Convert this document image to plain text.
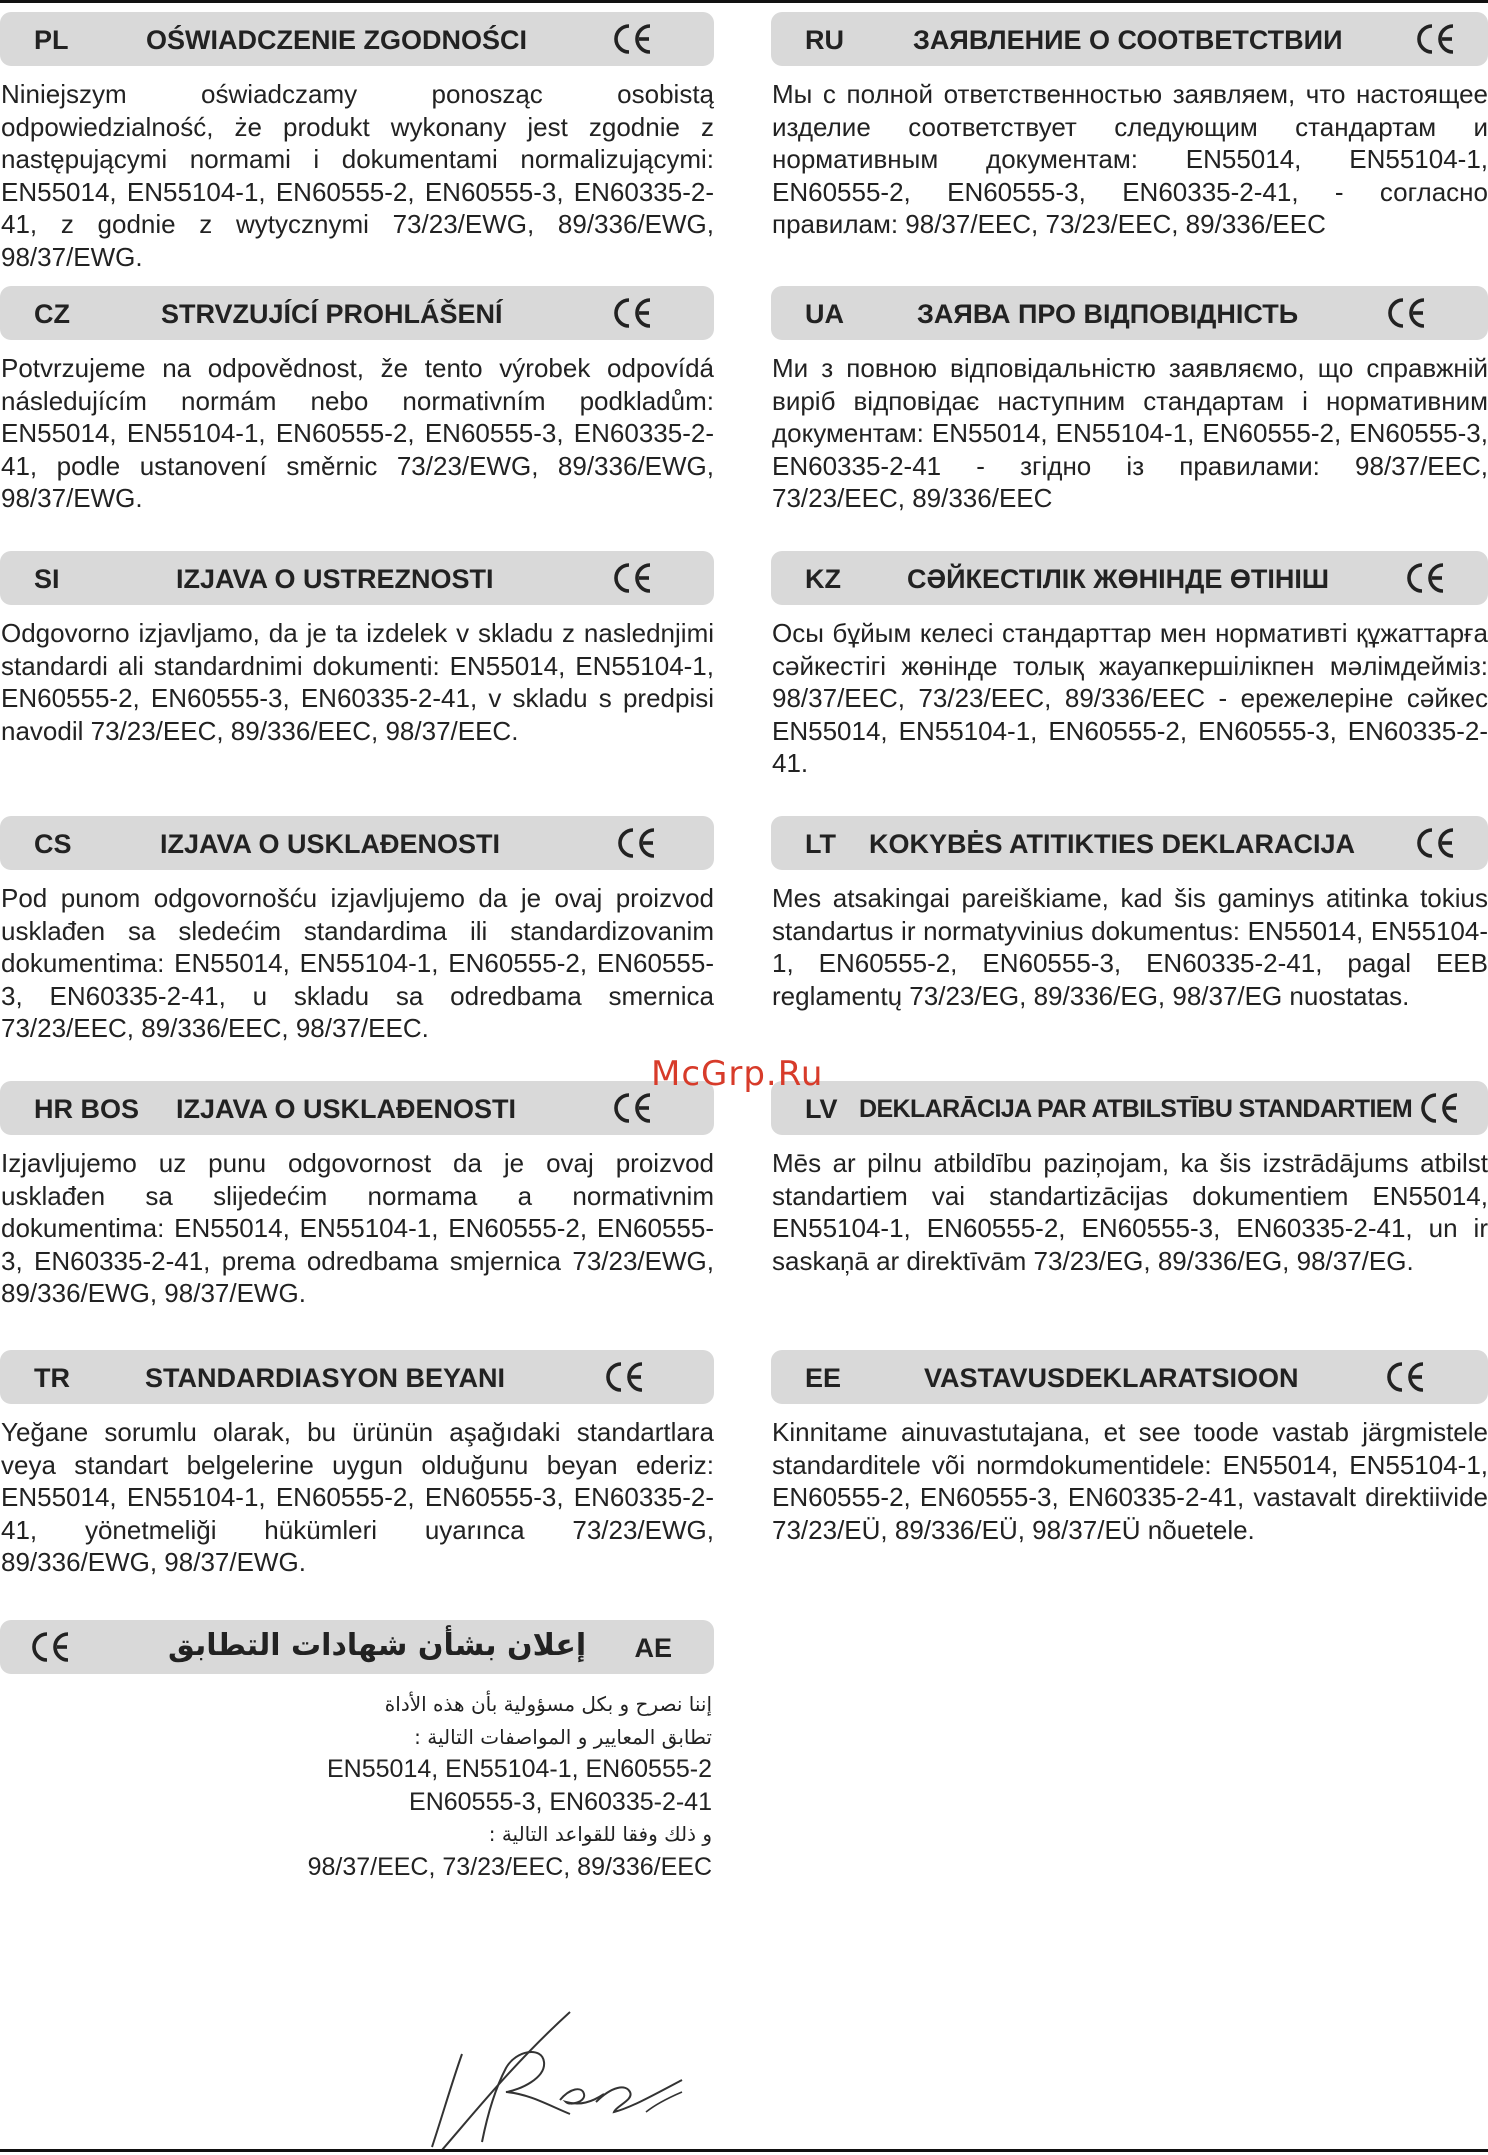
PL	OŚWIADCZENIE ZGODNOŚCI
Niniejszym oświadczamy ponosząc osobistą odpowiedzialność, że produkt wykonany jest zgodnie z następującymi normami i dokumentami normalizującymi: EN55014, EN55104-1, EN60555-2, EN60555-3, EN60335-2-41, z godnie z wytycznymi 73/23/EWG, 89/336/EWG, 98/37/EWG.
RU	ЗАЯВЛЕНИЕ О СООТВЕТСТВИИ
Мы с полной ответственностью заявляем, что настоящее изделие соответствует следующим стандартам и нормативным документам: EN55014, EN55104-1, EN60555-2, EN60555-3, EN60335-2-41, - согласно правилам: 98/37/EEC, 73/23/EEC, 89/336/EEC
CZ	STRVZUJÍCÍ PROHLÁŠENÍ
Potvrzujeme na odpovědnost, že tento výrobek odpovídá následujícím normám nebo normativním podkladům: EN55014, EN55104-1, EN60555-2, EN60555-3, EN60335-2-41, podle ustanovení směrnic 73/23/EWG, 89/336/EWG, 98/37/EWG.
UA	ЗАЯВА ПРО ВІДПОВІДНІСТЬ
Ми з повною відповідальністю заявляємо, що справжній виріб відповідає наступним стандартам і нормативним документам: EN55014, EN55104-1, EN60555-2, EN60555-3, EN60335-2-41 - згідно із правилами: 98/37/EEC, 73/23/EEC, 89/336/EEC
SI	IZJAVA O USTREZNOSTI
Odgovorno izjavljamo, da je ta izdelek v skladu z naslednjimi standardi ali standardnimi dokumenti: EN55014, EN55104-1, EN60555-2, EN60555-3, EN60335-2-41, v skladu s predpisi navodil 73/23/EEC, 89/336/EEC, 98/37/EEC.
KZ СӘЙКЕСТІЛІК ЖӨНІНДЕ ӨТІНІШ
Осы бұйым келесі стандарттар мен нормативті құжаттарға сәйкестігі жөнінде толық жауапкершілікпен мәлімдейміз: 98/37/EEC, 73/23/EEC, 89/336/EEC - ережелеріне сәйкес EN55014, EN55104-1, EN60555-2, EN60555-3, EN60335-2-41.
CS	IZJAVA O USKLAĐENOSTI
Pod punom odgovornošću izjavljujemo da je ovaj proizvod usklađen sa sledećim standardima ili standardizovanim dokumentima: EN55014, EN55104-1, EN60555-2, EN60555-3, EN60335-2-41, u skladu sa odredbama smernica 73/23/EEC, 89/336/EEC, 98/37/EEC.
LT KOKYBĖS ATITIKTIES DEKLARACIJA
Mes atsakingai pareiškiame, kad šis gaminys atitinka tokius standartus ir normatyvinius dokumentus: EN55014, EN55104-1, EN60555-2, EN60555-3, EN60335-2-41, pagal EEB reglamentų 73/23/EG, 89/336/EG, 98/37/EG nuostatas.
HR BOS IZJAVA O USKLAĐENOSTI
Izjavljujemo uz punu odgovornost da je ovaj proizvod usklađen sa slijedećim normama a normativnim dokumentima: EN55014, EN55104-1, EN60555-2, EN60555-3, EN60335-2-41, prema odredbama smjernica 73/23/EWG, 89/336/EWG, 98/37/EWG.
LV DEKLARĀCIJA PAR ATBILSTĪBU STANDARTIEM
Mēs ar pilnu atbildību paziņojam, ka šis izstrādājums atbilst standartiem vai standartizācijas dokumentiem EN55014, EN55104-1, EN60555-2, EN60555-3, EN60335-2-41, un ir saskaņā ar direktīvām 73/23/EG, 89/336/EG, 98/37/EG.
TR	STANDARDIASYON BEYANI
Yeğane sorumlu olarak, bu ürünün aşağıdaki standartlara veya standart belgelerine uygun olduğunu beyan ederiz: EN55014, EN55104-1, EN60555-2, EN60555-3, EN60335-2-41, yönetmeliği hükümleri uyarınca 73/23/EWG, 89/336/EWG, 98/37/EWG.
EE	VASTAVUSDEKLARATSIOON
Kinnitame ainuvastutajana, et see toode vastab järgmistele standarditele või normdokumentidele: EN55014, EN55104-1, EN60555-2, EN60555-3, EN60335-2-41, vastavalt direktiivide 73/23/EÜ, 89/336/EÜ, 98/37/EÜ nõuetele.
إعلان بشأن شهادات التطابق AE
إننا نصرح و بكل مسؤولية بأن هذه الأداة
تطابق المعايير و المواصفات التالية :
EN55014, EN55104-1, EN60555-2
EN60555-3, EN60335-2-41
و ذلك وفقا للقواعد التالية :
98/37/EEC, 73/23/EEC, 89/336/EEC
McGrp.Ru
